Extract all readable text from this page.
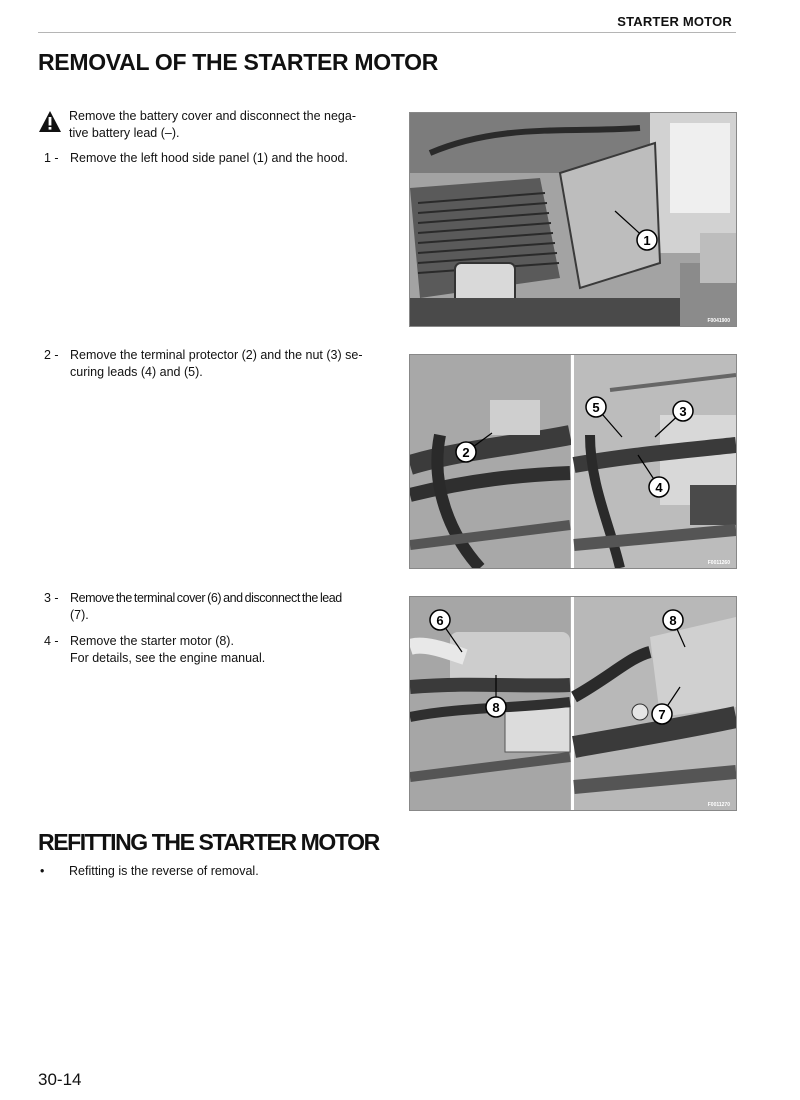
STARTER MOTOR
REMOVAL OF THE STARTER MOTOR
Remove the battery cover and disconnect the nega-
tive battery lead (–).
1 - Remove the left hood side panel (1) and the hood.
2 - Remove the terminal protector (2) and the nut (3) se-
curing leads (4) and (5).
3 - Remove the terminal cover (6) and disconnect the lead
(7).
4 - Remove the starter motor (8).
For details, see the engine manual.
1
F0041900
2
5	3
4
F0011260
6
8
8
7
F0011270
REFITTING THE STARTER MOTOR
•	Refitting is the reverse of removal.
30-14
